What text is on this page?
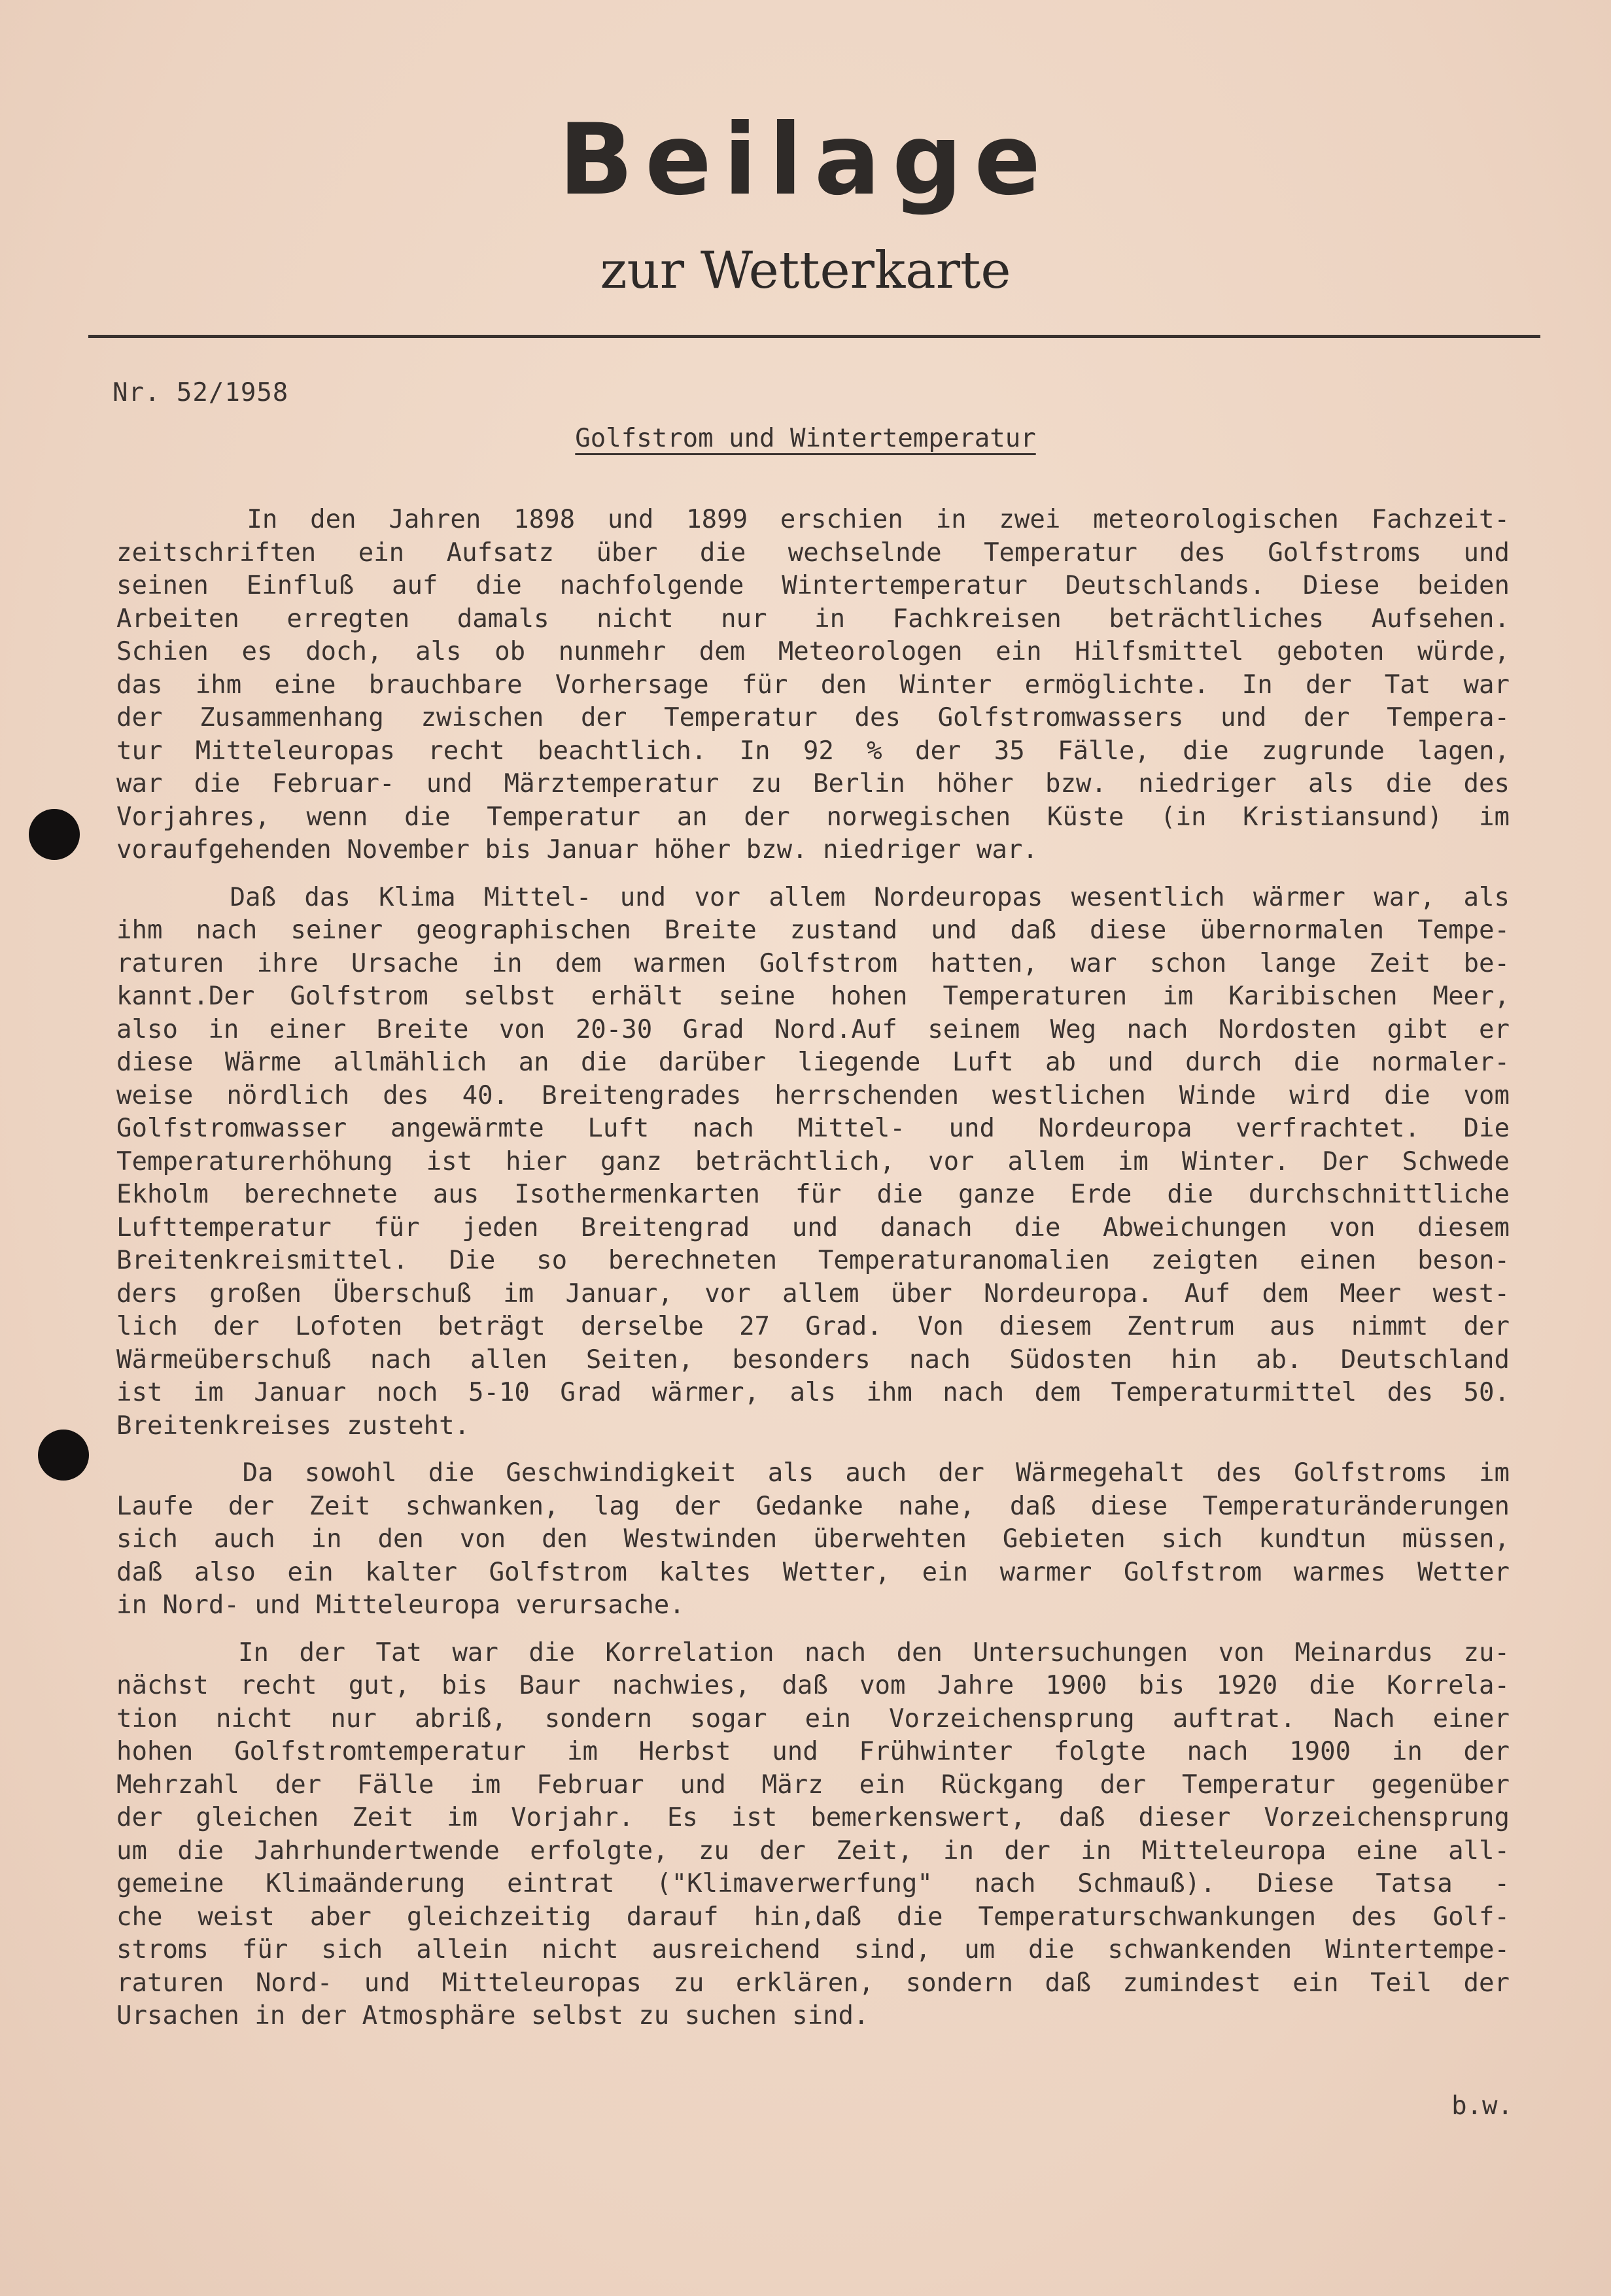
Beilage
zur Wetterkarte
Nr. 52/1958
Golfstrom und Wintertemperatur
In den Jahren 1898 und 1899 erschien in zwei meteorologischen Fachzeit-
zeitschriften ein Aufsatz über die wechselnde Temperatur des Golfstroms und
seinen Einfluß auf die nachfolgende Wintertemperatur Deutschlands. Diese beiden
Arbeiten erregten damals nicht nur in Fachkreisen beträchtliches Aufsehen.
Schien es doch, als ob nunmehr dem Meteorologen ein Hilfsmittel geboten würde,
das ihm eine brauchbare Vorhersage für den Winter ermöglichte. In der Tat war
der Zusammenhang zwischen der Temperatur des Golfstromwassers und der Tempera-
tur Mitteleuropas recht beachtlich. In 92 % der 35 Fälle, die zugrunde lagen,
war die Februar- und Märztemperatur zu Berlin höher bzw. niedriger als die des
Vorjahres, wenn die Temperatur an der norwegischen Küste (in Kristiansund) im
voraufgehenden November bis Januar höher bzw. niedriger war.
Daß das Klima Mittel- und vor allem Nordeuropas wesentlich wärmer war, als
ihm nach seiner geographischen Breite zustand und daß diese übernormalen Tempe-
raturen ihre Ursache in dem warmen Golfstrom hatten, war schon lange Zeit be-
kannt.Der Golfstrom selbst erhält seine hohen Temperaturen im Karibischen Meer,
also in einer Breite von 20-30 Grad Nord.Auf seinem Weg nach Nordosten gibt er
diese Wärme allmählich an die darüber liegende Luft ab und durch die normaler-
weise nördlich des 40. Breitengrades herrschenden westlichen Winde wird die vom
Golfstromwasser angewärmte Luft nach Mittel- und Nordeuropa verfrachtet. Die
Temperaturerhöhung ist hier ganz beträchtlich, vor allem im Winter. Der Schwede
Ekholm berechnete aus Isothermenkarten für die ganze Erde die durchschnittliche
Lufttemperatur für jeden Breitengrad und danach die Abweichungen von diesem
Breitenkreismittel. Die so berechneten Temperaturanomalien zeigten einen beson-
ders großen Überschuß im Januar, vor allem über Nordeuropa. Auf dem Meer west-
lich der Lofoten beträgt derselbe 27 Grad. Von diesem Zentrum aus nimmt der
Wärmeüberschuß nach allen Seiten, besonders nach Südosten hin ab. Deutschland
ist im Januar noch 5-10 Grad wärmer, als ihm nach dem Temperaturmittel des 50.
Breitenkreises zusteht.
Da sowohl die Geschwindigkeit als auch der Wärmegehalt des Golfstroms im
Laufe der Zeit schwanken, lag der Gedanke nahe, daß diese Temperaturänderungen
sich auch in den von den Westwinden überwehten Gebieten sich kundtun müssen,
daß also ein kalter Golfstrom kaltes Wetter, ein warmer Golfstrom warmes Wetter
in Nord- und Mitteleuropa verursache.
In der Tat war die Korrelation nach den Untersuchungen von Meinardus zu-
nächst recht gut, bis Baur nachwies, daß vom Jahre 1900 bis 1920 die Korrela-
tion nicht nur abriß, sondern sogar ein Vorzeichensprung auftrat. Nach einer
hohen Golfstromtemperatur im Herbst und Frühwinter folgte nach 1900 in der
Mehrzahl der Fälle im Februar und März ein Rückgang der Temperatur gegenüber
der gleichen Zeit im Vorjahr. Es ist bemerkenswert, daß dieser Vorzeichensprung
um die Jahrhundertwende erfolgte, zu der Zeit, in der in Mitteleuropa eine all-
gemeine Klimaänderung eintrat ("Klimaverwerfung" nach Schmauß). Diese Tatsa -
che weist aber gleichzeitig darauf hin,daß die Temperaturschwankungen des Golf-
stroms für sich allein nicht ausreichend sind, um die schwankenden Wintertempe-
raturen Nord- und Mitteleuropas zu erklären, sondern daß zumindest ein Teil der
Ursachen in der Atmosphäre selbst zu suchen sind.
b.w.
